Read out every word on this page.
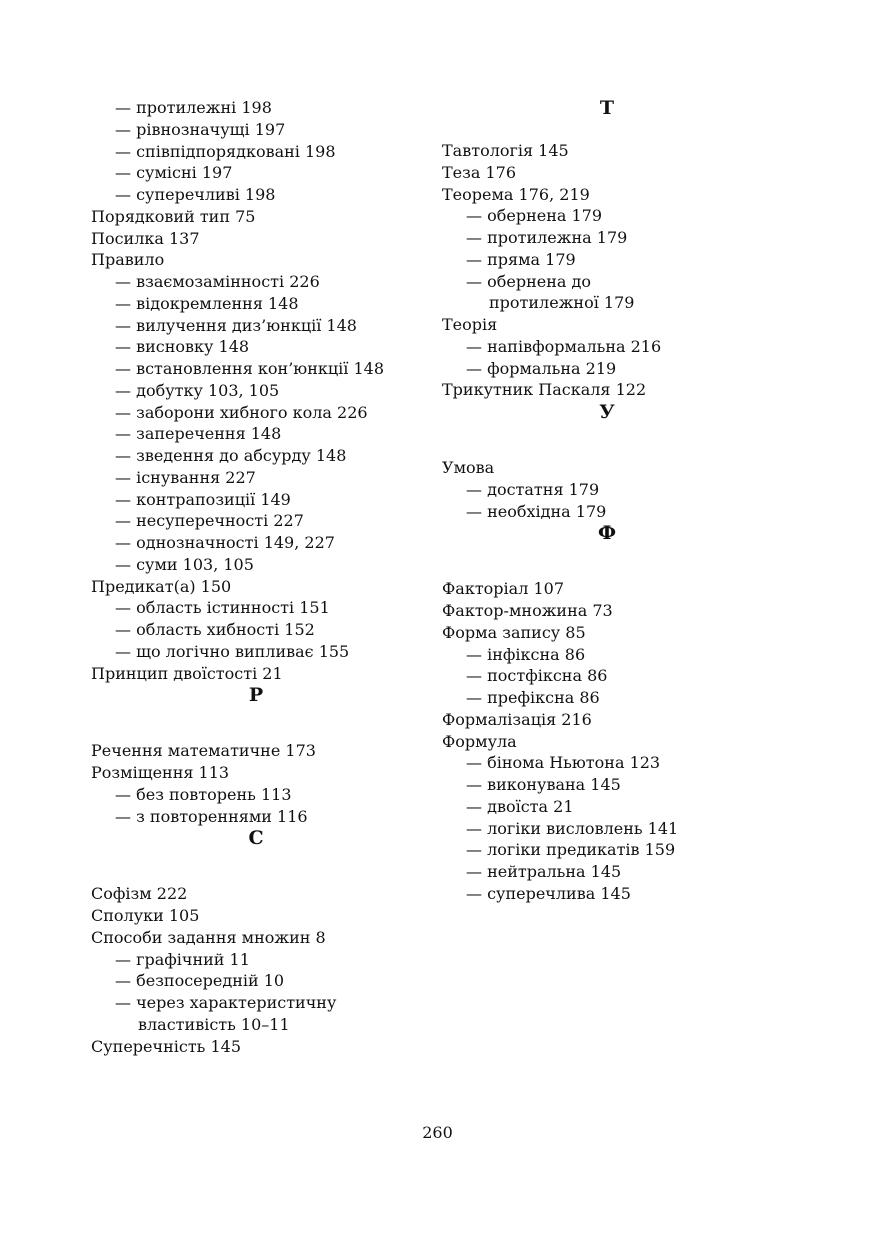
— протилежні 198
— рівнозначущі 197
— співпідпорядковані 198
— сумісні 197
— суперечливі 198
Порядковий тип 75
Посилка 137
Правило
— взаємозамінності 226
— відокремлення 148
— вилучення диз’юнкції 148
— висновку 148
— встановлення кон’юнкції 148
— добутку 103, 105
— заборони хибного кола 226
— заперечення 148
— зведення до абсурду 148
— існування 227
— контрапозиції 149
— несуперечності 227
— однозначності 149, 227
— суми 103, 105
Предикат(а) 150
— область істинності 151
— область хибності 152
— що логічно випливає 155
Принцип двоїстості 21
Р
Речення математичне 173
Розміщення 113
— без повторень 113
— з повтореннями 116
С
Софізм 222
Сполуки 105
Способи задання множин 8
— графічний 11
— безпосередній 10
— через характеристичну
властивість 10–11
Суперечність 145
Т
Тавтологія 145
Теза 176
Теорема 176, 219
— обернена 179
— протилежна 179
— пряма 179
— обернена до
протилежної 179
Теорія
— напівформальна 216
— формальна 219
Трикутник Паскаля 122
У
Умова
— достатня 179
— необхідна 179
Ф
Факторіал 107
Фактор-множина 73
Форма запису 85
— інфіксна 86
— постфіксна 86
— префіксна 86
Формалізація 216
Формула
— бінома Ньютона 123
— виконувана 145
— двоїста 21
— логіки висловлень 141
— логіки предикатів 159
— нейтральна 145
— суперечлива 145
260
